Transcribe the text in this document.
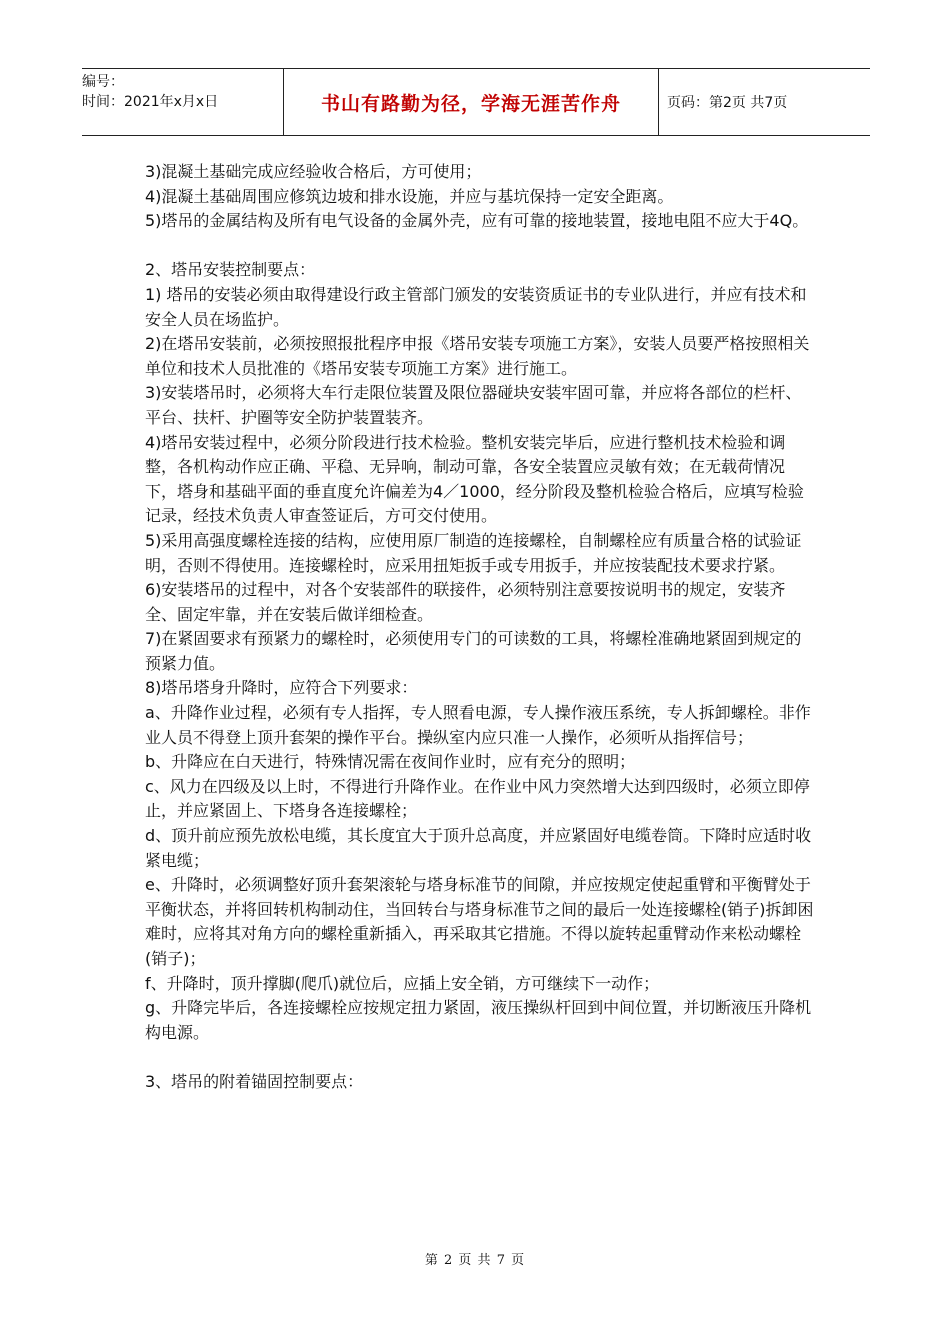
编号：
时间：2021年x月x日	书山有路勤为径，学海无涯苦作舟	页码：第2页 共7页

3)混凝土基础完成应经验收合格后，方可使用；

4)混凝土基础周围应修筑边坡和排水设施，并应与基坑保持一定安全距离。

5)塔吊的金属结构及所有电气设备的金属外壳，应有可靠的接地装置，接地电阻不应大于4Q。

2、塔吊安装控制要点：

1) 塔吊的安装必须由取得建设行政主管部门颁发的安装资质证书的专业队进行，并应有技术和安全人员在场监护。

2)在塔吊安装前，必须按照报批程序申报《塔吊安装专项施工方案》，安装人员要严格按照相关单位和技术人员批准的《塔吊安装专项施工方案》进行施工。

3)安装塔吊时，必须将大车行走限位装置及限位器碰块安装牢固可靠，并应将各部位的栏杆、平台、扶杆、护圈等安全防护装置装齐。

4)塔吊安装过程中，必须分阶段进行技术检验。整机安装完毕后，应进行整机技术检验和调整，各机构动作应正确、平稳、无异响，制动可靠，各安全装置应灵敏有效；在无载荷情况下，塔身和基础平面的垂直度允许偏差为4／1000，经分阶段及整机检验合格后，应填写检验记录，经技术负责人审查签证后，方可交付使用。

5)采用高强度螺栓连接的结构，应使用原厂制造的连接螺栓，自制螺栓应有质量合格的试验证明，否则不得使用。连接螺栓时，应采用扭矩扳手或专用扳手，并应按装配技术要求拧紧。

6)安装塔吊的过程中，对各个安装部件的联接件，必须特别注意要按说明书的规定，安装齐全、固定牢靠，并在安装后做详细检查。

7)在紧固要求有预紧力的螺栓时，必须使用专门的可读数的工具，将螺栓准确地紧固到规定的预紧力值。

8)塔吊塔身升降时，应符合下列要求：

a、升降作业过程，必须有专人指挥，专人照看电源，专人操作液压系统，专人拆卸螺栓。非作业人员不得登上顶升套架的操作平台。操纵室内应只准一人操作，必须听从指挥信号；

b、升降应在白天进行，特殊情况需在夜间作业时，应有充分的照明；

c、风力在四级及以上时，不得进行升降作业。在作业中风力突然增大达到四级时，必须立即停止，并应紧固上、下塔身各连接螺栓；

d、顶升前应预先放松电缆，其长度宜大于顶升总高度，并应紧固好电缆卷筒。下降时应适时收紧电缆；

e、升降时，必须调整好顶升套架滚轮与塔身标准节的间隙，并应按规定使起重臂和平衡臂处于平衡状态，并将回转机构制动住，当回转台与塔身标准节之间的最后一处连接螺栓(销子)拆卸困难时，应将其对角方向的螺栓重新插入，再采取其它措施。不得以旋转起重臂动作来松动螺栓(销子)；

f、升降时，顶升撑脚(爬爪)就位后，应插上安全销，方可继续下一动作；

g、升降完毕后，各连接螺栓应按规定扭力紧固，液压操纵杆回到中间位置，并切断液压升降机构电源。

3、塔吊的附着锚固控制要点：

第 2 页 共 7 页
